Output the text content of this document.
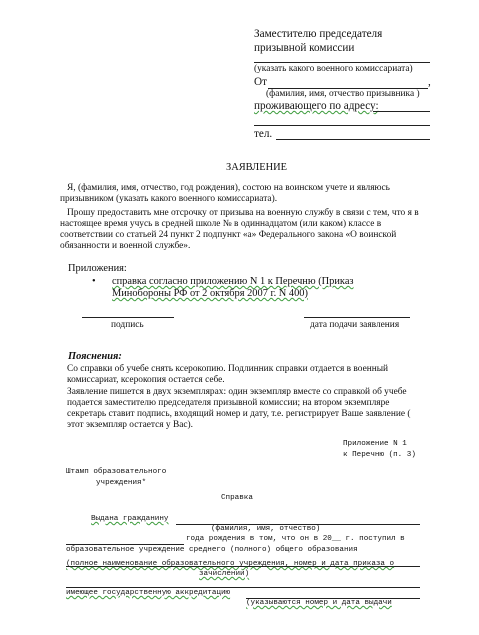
Заместителю председателя
призывной комиссии
(указать какого военного комиссариата)
От	,
(фамилия, имя, отчество призывника )
проживающего по адресу:
тел.
ЗАЯВЛЕНИЕ
Я, (фамилия, имя, отчество, год рождения), состою на воинском учете и являюсь
призывником (указать какого военного комиссариата).
Прошу предоставить мне отсрочку от призыва на военную службу в связи с тем, что я в
настоящее время учусь в средней школе № в одиннадцатом (или каком) классе в
соответствии со статьей 24 пункт 2 подпункт «а» Федерального закона «О воинской
обязанности и военной службе».
Приложения:
• справка согласно приложению N 1 к Перечню (Приказ
Минобороны РФ от 2 октября 2007 г. N 400)
подпись	дата подачи заявления
Пояснения:
Со справки об учебе снять ксерокопию. Подлинник справки отдается в военный
комиссариат, ксерокопия остается себе.
Заявление пишется в двух экземплярах: один экземпляр вместе со справкой об учебе
подается заместителю председателя призывной комиссии; на втором экземпляре
секретарь ставит подпись, входящий номер и дату, т.е. регистрирует Ваше заявление (
этот экземпляр остается у Вас).
Приложение N 1
к Перечню (п. 3)
Штамп образовательного
учреждения*
Справка
Выдана гражданину
(фамилия, имя, отчество)
года рождения в том, что он в 20__ г. поступил в
образовательное учреждение среднего (полного) общего образования
(полное наименование образовательного учреждения, номер и дата приказа о
зачислении)
имеющее государственную аккредитацию
(указываются номер и дата выдачи
